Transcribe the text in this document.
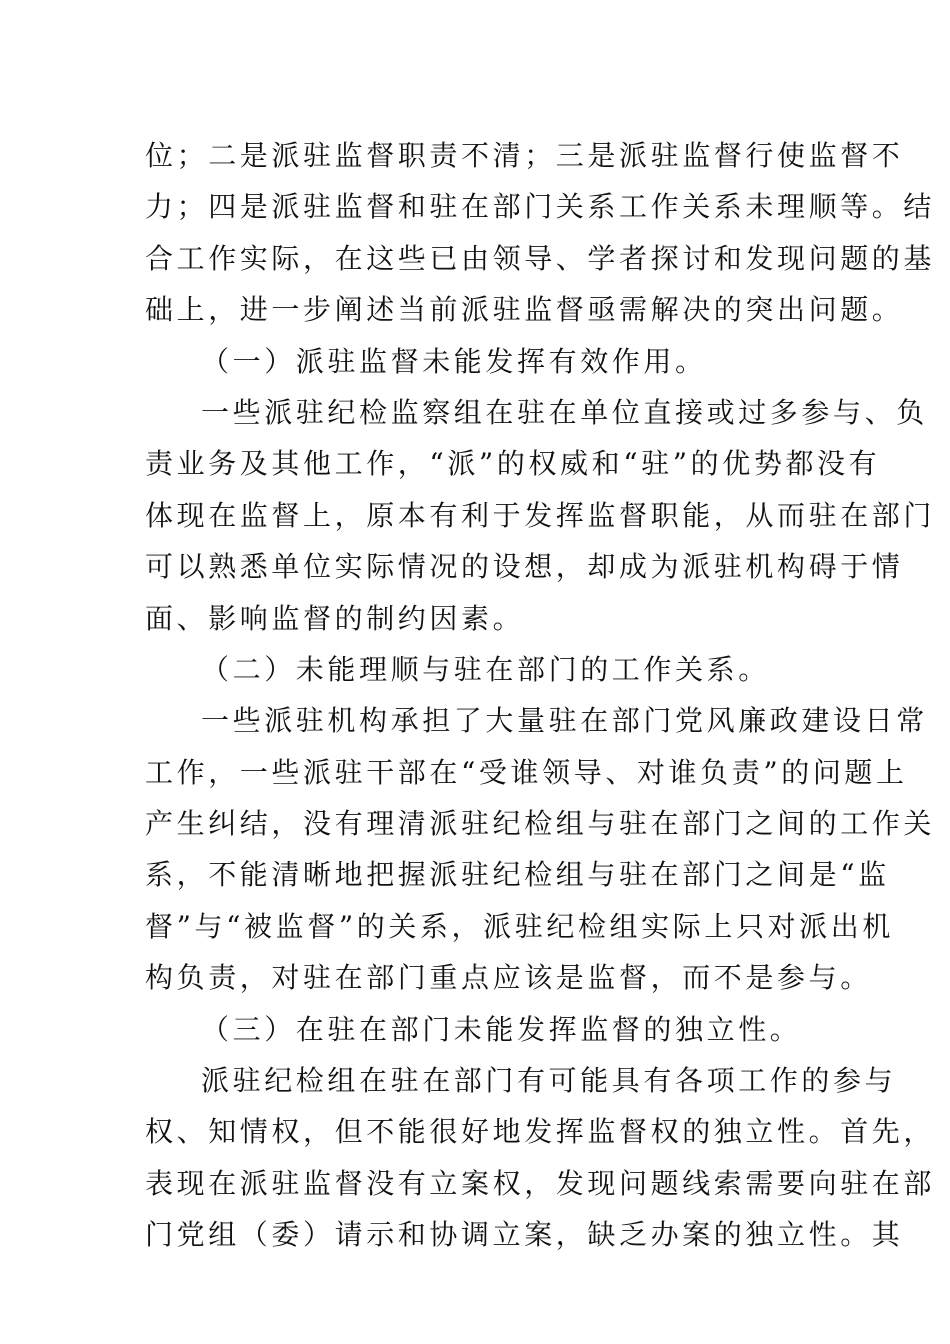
位；二是派驻监督职责不清；三是派驻监督行使监督不
力；四是派驻监督和驻在部门关系工作关系未理顺等。结
合工作实际，在这些已由领导、学者探讨和发现问题的基
础上，进一步阐述当前派驻监督亟需解决的突出问题。
（一）派驻监督未能发挥有效作用。
一些派驻纪检监察组在驻在单位直接或过多参与、负
责业务及其他工作，“派”的权威和“驻”的优势都没有
体现在监督上，原本有利于发挥监督职能，从而驻在部门
可以熟悉单位实际情况的设想，却成为派驻机构碍于情
面、影响监督的制约因素。
（二）未能理顺与驻在部门的工作关系。
一些派驻机构承担了大量驻在部门党风廉政建设日常
工作，一些派驻干部在“受谁领导、对谁负责”的问题上
产生纠结，没有理清派驻纪检组与驻在部门之间的工作关
系，不能清晰地把握派驻纪检组与驻在部门之间是“监
督”与“被监督”的关系，派驻纪检组实际上只对派出机
构负责，对驻在部门重点应该是监督，而不是参与。
（三）在驻在部门未能发挥监督的独立性。
派驻纪检组在驻在部门有可能具有各项工作的参与
权、知情权，但不能很好地发挥监督权的独立性。首先，
表现在派驻监督没有立案权，发现问题线索需要向驻在部
门党组（委）请示和协调立案，缺乏办案的独立性。其
